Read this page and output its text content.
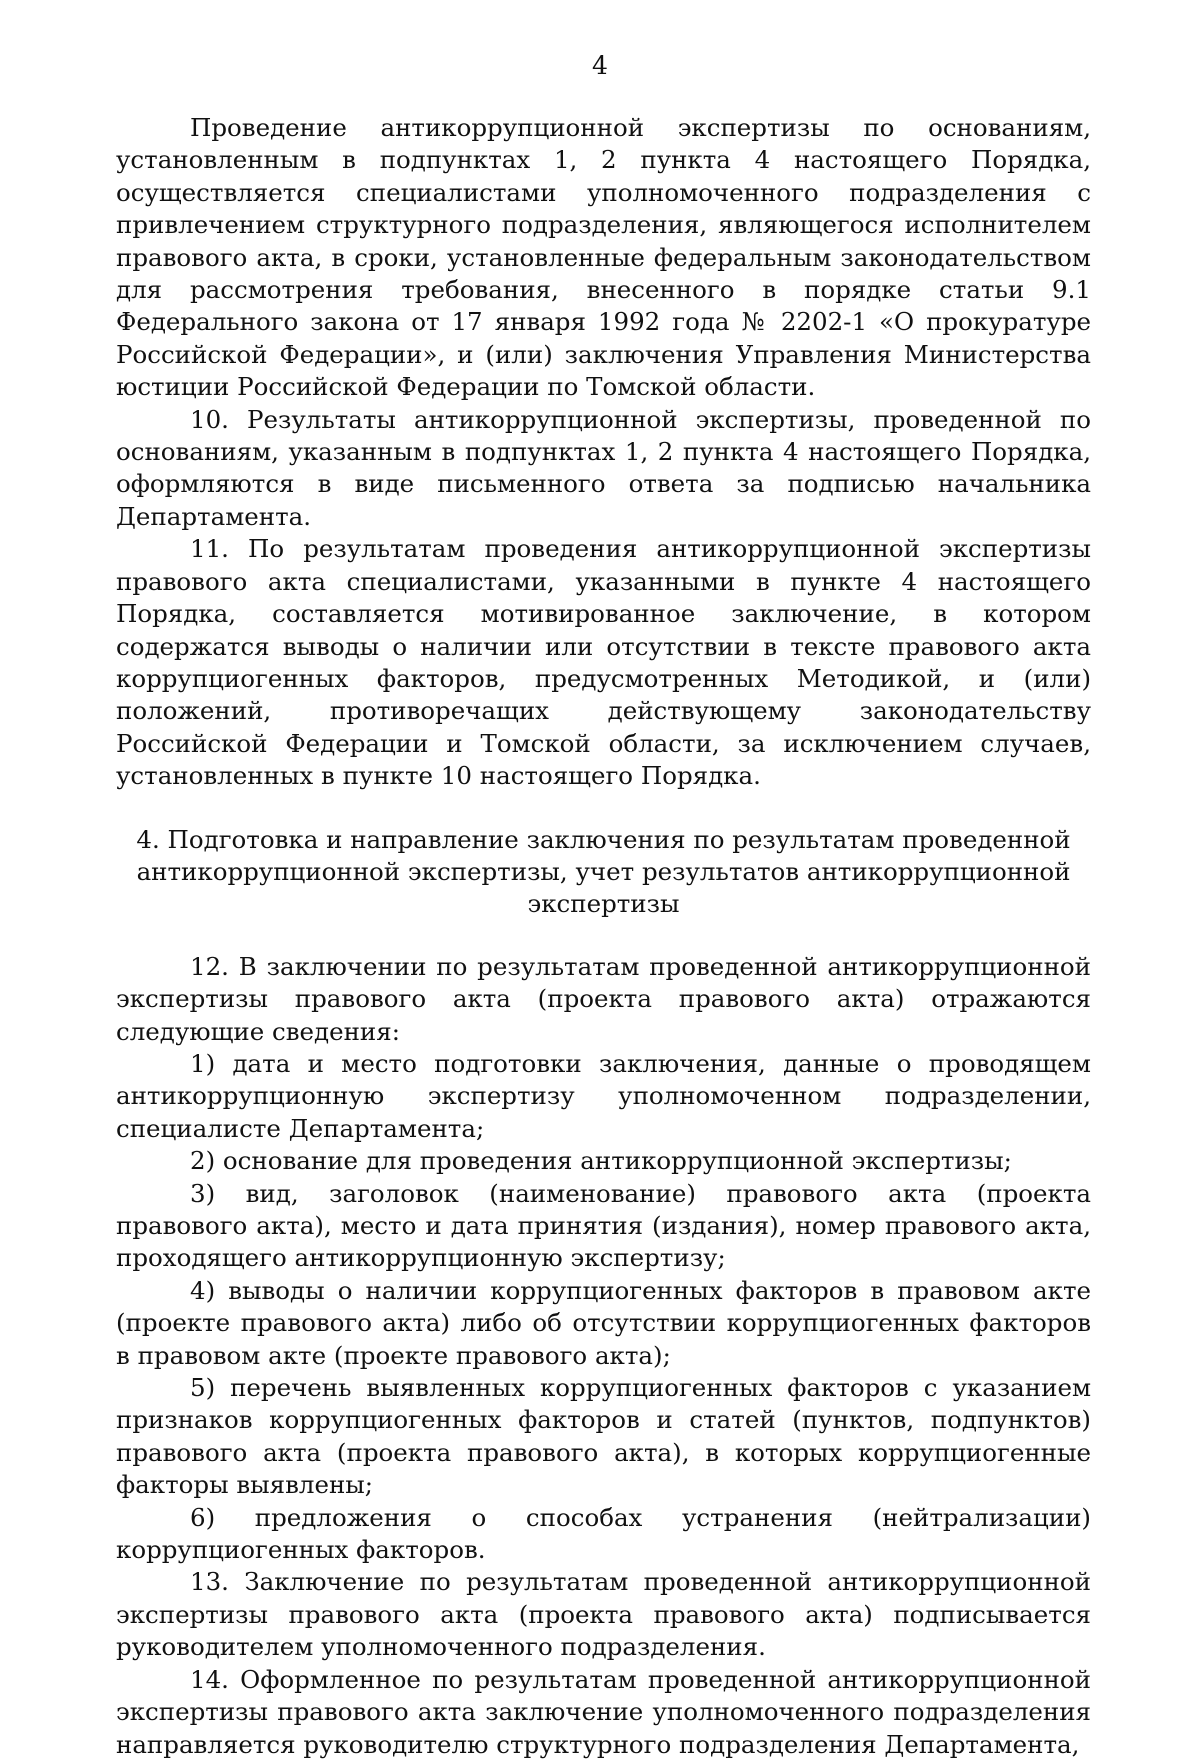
4

Проведение антикоррупционной экспертизы по основаниям, установленным в подпунктах 1, 2 пункта 4 настоящего Порядка, осуществляется специалистами уполномоченного подразделения с привлечением структурного подразделения, являющегося исполнителем правового акта, в сроки, установленные федеральным законодательством для рассмотрения требования, внесенного в порядке статьи 9.1 Федерального закона от 17 января 1992 года № 2202-1 «О прокуратуре Российской Федерации», и (или) заключения Управления Министерства юстиции Российской Федерации по Томской области.

10. Результаты антикоррупционной экспертизы, проведенной по основаниям, указанным в подпунктах 1, 2 пункта 4 настоящего Порядка, оформляются в виде письменного ответа за подписью начальника Департамента.

11. По результатам проведения антикоррупционной экспертизы правового акта специалистами, указанными в пункте 4 настоящего Порядка, составляется мотивированное заключение, в котором содержатся выводы о наличии или отсутствии в тексте правового акта коррупциогенных факторов, предусмотренных Методикой, и (или) положений, противоречащих действующему законодательству Российской Федерации и Томской области, за исключением случаев, установленных в пункте 10 настоящего Порядка.

4. Подготовка и направление заключения по результатам проведенной
антикоррупционной экспертизы, учет результатов антикоррупционной экспертизы

12. В заключении по результатам проведенной антикоррупционной экспертизы правового акта (проекта правового акта) отражаются следующие сведения:

1) дата и место подготовки заключения, данные о проводящем антикоррупционную экспертизу уполномоченном подразделении, специалисте Департамента;

2) основание для проведения антикоррупционной экспертизы;

3) вид, заголовок (наименование) правового акта (проекта правового акта), место и дата принятия (издания), номер правового акта, проходящего антикоррупционную экспертизу;

4) выводы о наличии коррупциогенных факторов в правовом акте (проекте правового акта) либо об отсутствии коррупциогенных факторов в правовом акте (проекте правового акта);

5) перечень выявленных коррупциогенных факторов с указанием признаков коррупциогенных факторов и статей (пунктов, подпунктов) правового акта (проекта правового акта), в которых коррупциогенные факторы выявлены;

6) предложения о способах устранения (нейтрализации) коррупциогенных факторов.

13. Заключение по результатам проведенной антикоррупционной экспертизы правового акта (проекта правового акта) подписывается руководителем уполномоченного подразделения.

14. Оформленное по результатам проведенной антикоррупционной экспертизы правового акта заключение уполномоченного подразделения направляется руководителю структурного подразделения Департамента,
